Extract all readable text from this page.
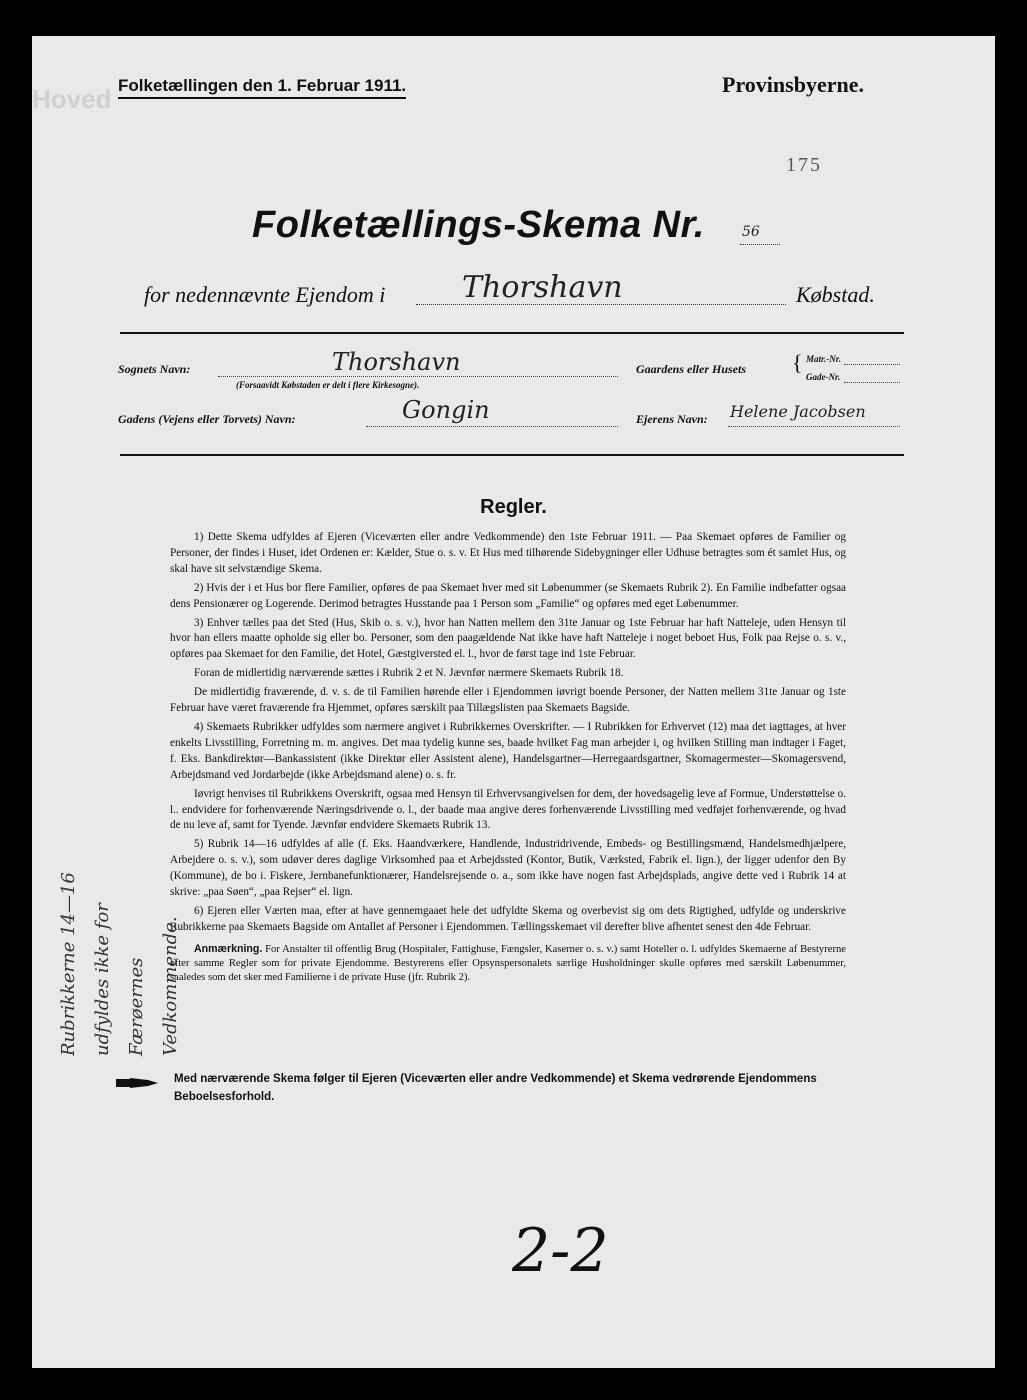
Hoved Folketællingen den 1. Februar 1911.	Provinsbyerne.
175
Folketællings-Skema Nr.	56
for nedennævnte Ejendom i	Thorshavn	Købstad.
Sognets Navn:	Thorshavn
(Forsaavidt Købstaden er delt i flere Kirkesogne).
Gaardens eller Husets { Matr.-Nr.
Gade-Nr.
Gadens (Vejens eller Torvets) Navn:	Gongin	Ejerens Navn: Helene Jacobsen
Regler.

1) Dette Skema udfyldes af Ejeren (Viceværten eller andre Vedkommende) den 1ste Februar 1911. — Paa Skemaet opføres de Familier og Personer, der findes i Huset, idet Ordenen er: Kælder, Stue o. s. v. Et Hus med tilhørende Sidebygninger eller Udhuse betragtes som ét samlet Hus, og skal have sit selvstændige Skema.

2) Hvis der i et Hus bor flere Familier, opføres de paa Skemaet hver med sit Løbenummer (se Skemaets Rubrik 2). En Familie indbefatter ogsaa dens Pensionærer og Logerende. Derimod betragtes Husstande paa 1 Person som „Familie“ og opføres med eget Løbenummer.

3) Enhver tælles paa det Sted (Hus, Skib o. s. v.), hvor han Natten mellem den 31te Januar og 1ste Februar har haft Natteleje, uden Hensyn til hvor han ellers maatte opholde sig eller bo. Personer, som den paagældende Nat ikke have haft Natteleje i noget beboet Hus, Folk paa Rejse o. s. v., opføres paa Skemaet for den Familie, det Hotel, Gæstgiversted el. l., hvor de først tage ind 1ste Februar.

Foran de midlertidig nærværende sættes i Rubrik 2 et N. Jævnfør nærmere Skemaets Rubrik 18.

De midlertidig fraværende, d. v. s. de til Familien hørende eller i Ejendommen iøvrigt boende Personer, der Natten mellem 31te Januar og 1ste Februar have været fraværende fra Hjemmet, opføres særskilt paa Tillægslisten paa Skemaets Bagside.

4) Skemaets Rubrikker udfyldes som nærmere angivet i Rubrikkernes Overskrifter. — I Rubrikken for Erhvervet (12) maa det iagttages, at hver enkelts Livsstilling, Forretning m. m. angives. Det maa tydelig kunne ses, baade hvilket Fag man arbejder i, og hvilken Stilling man indtager i Faget, f. Eks. Bankdirektør—Bankassistent (ikke Direktør eller Assistent alene), Handelsgartner—Herregaardsgartner, Skomagermester—Skomagersvend, Arbejdsmand ved Jordarbejde (ikke Arbejdsmand alene) o. s. fr.

Iøvrigt henvises til Rubrikkens Overskrift, ogsaa med Hensyn til Erhvervsangivelsen for dem, der hovedsagelig leve af Formue, Understøttelse o. l.. endvidere for forhenværende Næringsdrivende o. l., der baade maa angive deres forhenværende Livsstilling med vedføjet forhenværende, og hvad de nu leve af, samt for Tyende. Jævnfør endvidere Skemaets Rubrik 13.

5) Rubrik 14—16 udfyldes af alle (f. Eks. Haandværkere, Handlende, Industridrivende, Embeds- og Bestillingsmænd, Handelsmedhjælpere, Arbejdere o. s. v.), som udøver deres daglige Virksomhed paa et Arbejdssted (Kontor, Butik, Værksted, Fabrik el. lign.), der ligger udenfor den By (Kommune), de bo i. Fiskere, Jernbanefunktionærer, Handelsrejsende o. a., som ikke have nogen fast Arbejdsplads, angive dette ved i Rubrik 14 at skrive: „paa Søen“, „paa Rejser“ el. lign.

6) Ejeren eller Værten maa, efter at have gennemgaaet hele det udfyldte Skema og overbevist sig om dets Rigtighed, udfylde og underskrive Rubrikkerne paa Skemaets Bagside om Antallet af Personer i Ejendommen. Tællingsskemaet vil derefter blive afhentet senest den 4de Februar.

Anmærkning. For Anstalter til offentlig Brug (Hospitaler, Fattighuse, Fængsler, Kaserner o. s. v.) samt Hoteller o. l. udfyldes Skemaerne af Bestyrerne efter samme Regler som for private Ejendomme. Bestyrerens eller Opsynspersonalets særlige Husholdninger skulle opføres med særskilt Løbenummer, saaledes som det sker med Familierne i de private Huse (jfr. Rubrik 2).

Rubrikkerne 14—16 udfyldes ikke for Færøernes Vedkommende.
Med nærværende Skema følger til Ejeren (Viceværten eller andre Vedkommende) et Skema vedrørende Ejendommens Beboelsesforhold.
2-2
